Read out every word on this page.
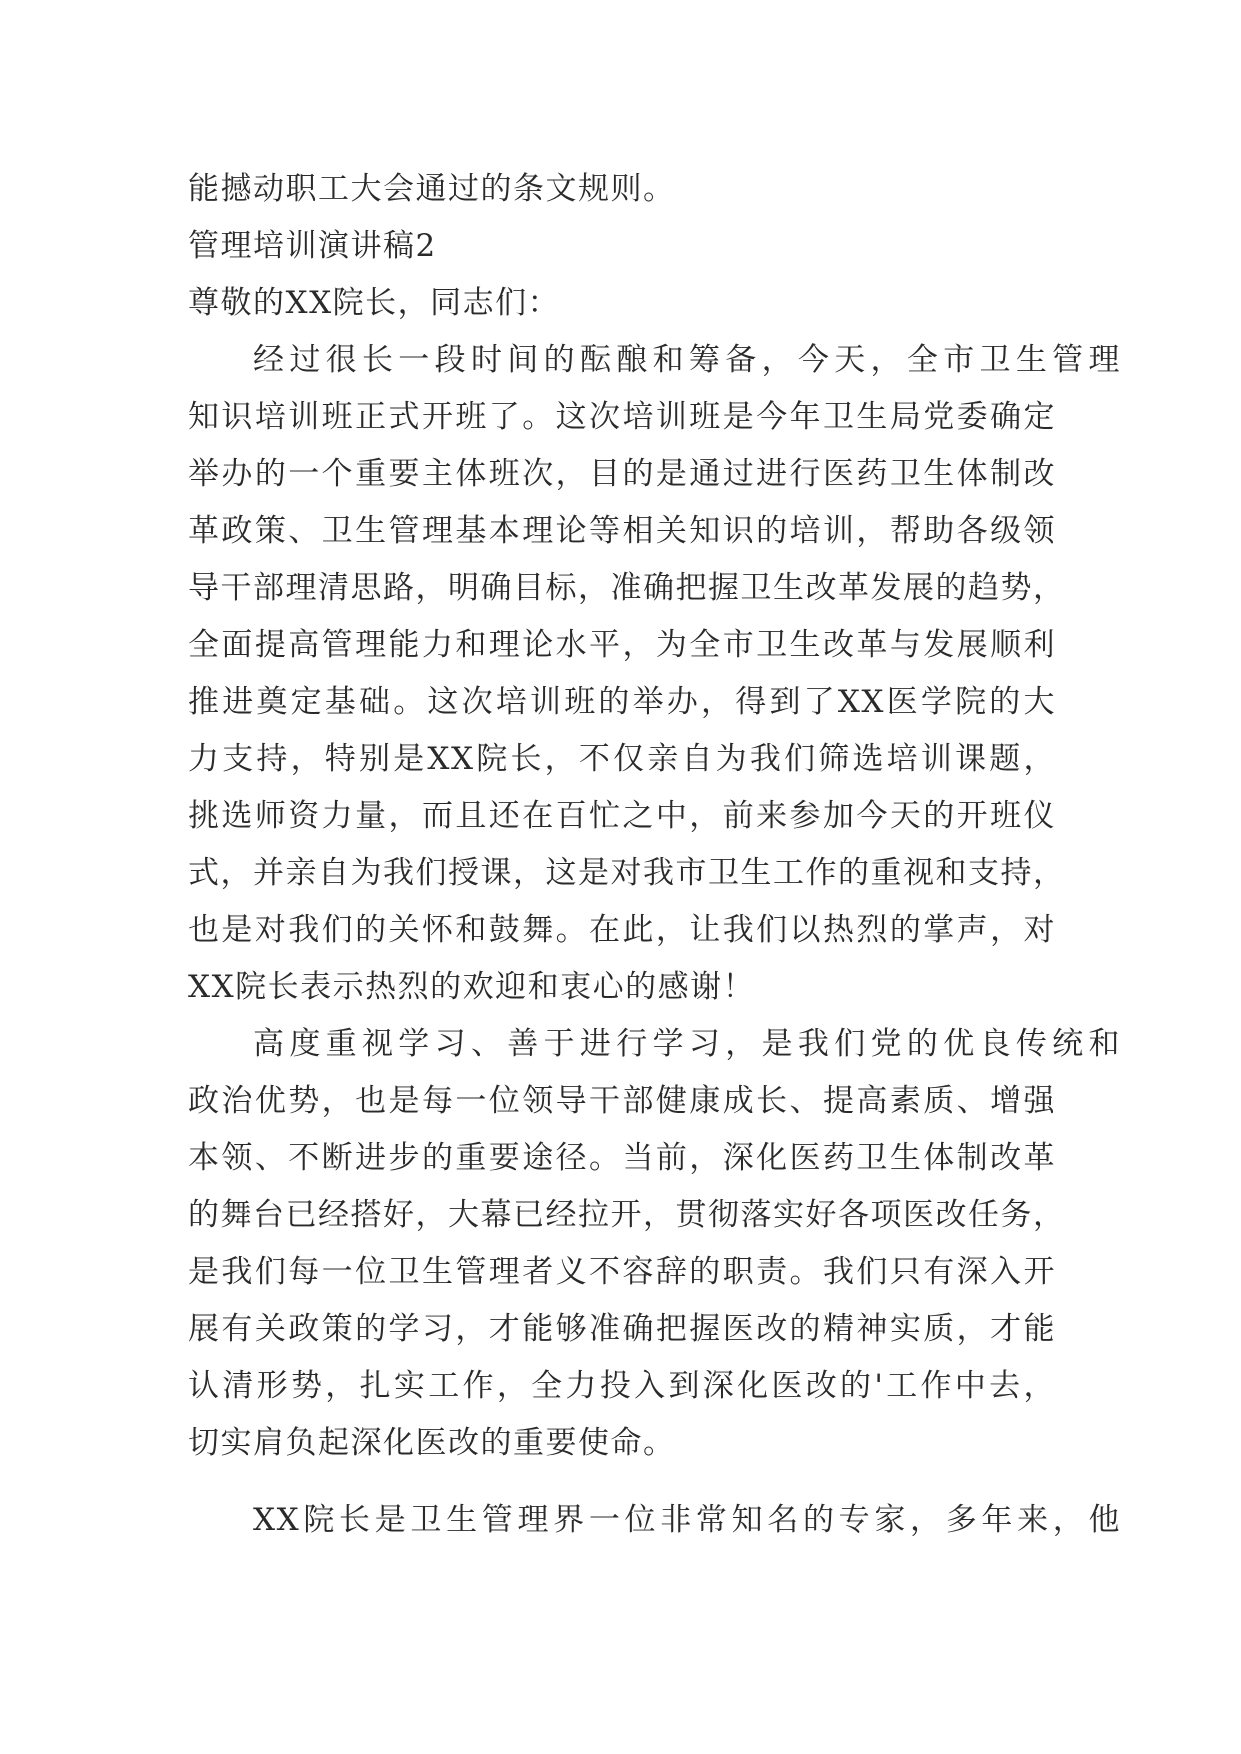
能撼动职工大会通过的条文规则。
管理培训演讲稿2
尊敬的XX院长，同志们：
经过很长一段时间的酝酿和筹备，今天，全市卫生管理
知识培训班正式开班了。这次培训班是今年卫生局党委确定
举办的一个重要主体班次，目的是通过进行医药卫生体制改
革政策、卫生管理基本理论等相关知识的培训，帮助各级领
导干部理清思路，明确目标，准确把握卫生改革发展的趋势，
全面提高管理能力和理论水平，为全市卫生改革与发展顺利
推进奠定基础。这次培训班的举办，得到了XX医学院的大
力支持，特别是XX院长，不仅亲自为我们筛选培训课题，
挑选师资力量，而且还在百忙之中，前来参加今天的开班仪
式，并亲自为我们授课，这是对我市卫生工作的重视和支持，
也是对我们的关怀和鼓舞。在此，让我们以热烈的掌声，对
XX院长表示热烈的欢迎和衷心的感谢！
高度重视学习、善于进行学习，是我们党的优良传统和
政治优势，也是每一位领导干部健康成长、提高素质、增强
本领、不断进步的重要途径。当前，深化医药卫生体制改革
的舞台已经搭好，大幕已经拉开，贯彻落实好各项医改任务，
是我们每一位卫生管理者义不容辞的职责。我们只有深入开
展有关政策的学习，才能够准确把握医改的精神实质，才能
认清形势，扎实工作，全力投入到深化医改的'工作中去，
切实肩负起深化医改的重要使命。
XX院长是卫生管理界一位非常知名的专家，多年来，他
